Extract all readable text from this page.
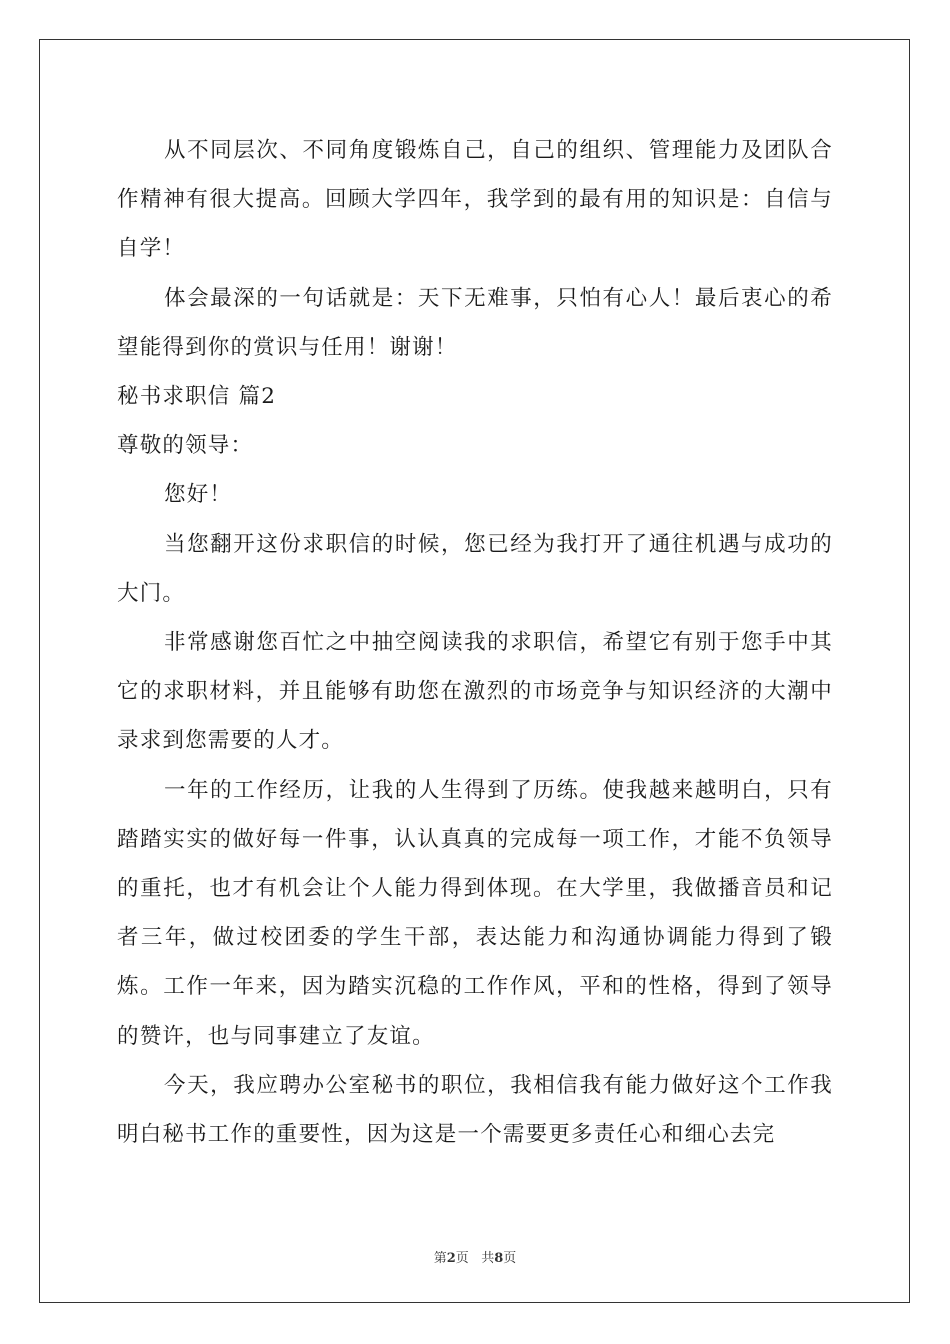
从不同层次、不同角度锻炼自己，自己的组织、管理能力及团队合作精神有很大提高。回顾大学四年，我学到的最有用的知识是：自信与自学！

体会最深的一句话就是：天下无难事，只怕有心人！最后衷心的希望能得到你的赏识与任用！谢谢！

秘书求职信 篇2

尊敬的领导：

您好！

当您翻开这份求职信的时候，您已经为我打开了通往机遇与成功的大门。

非常感谢您百忙之中抽空阅读我的求职信，希望它有别于您手中其它的求职材料，并且能够有助您在激烈的市场竞争与知识经济的大潮中录求到您需要的人才。

一年的工作经历，让我的人生得到了历练。使我越来越明白，只有踏踏实实的做好每一件事，认认真真的完成每一项工作，才能不负领导的重托，也才有机会让个人能力得到体现。在大学里，我做播音员和记者三年，做过校团委的学生干部，表达能力和沟通协调能力得到了锻炼。工作一年来，因为踏实沉稳的工作作风，平和的性格，得到了领导的赞许，也与同事建立了友谊。

今天，我应聘办公室秘书的职位，我相信我有能力做好这个工作我明白秘书工作的重要性，因为这是一个需要更多责任心和细心去完

第2页   共8页
